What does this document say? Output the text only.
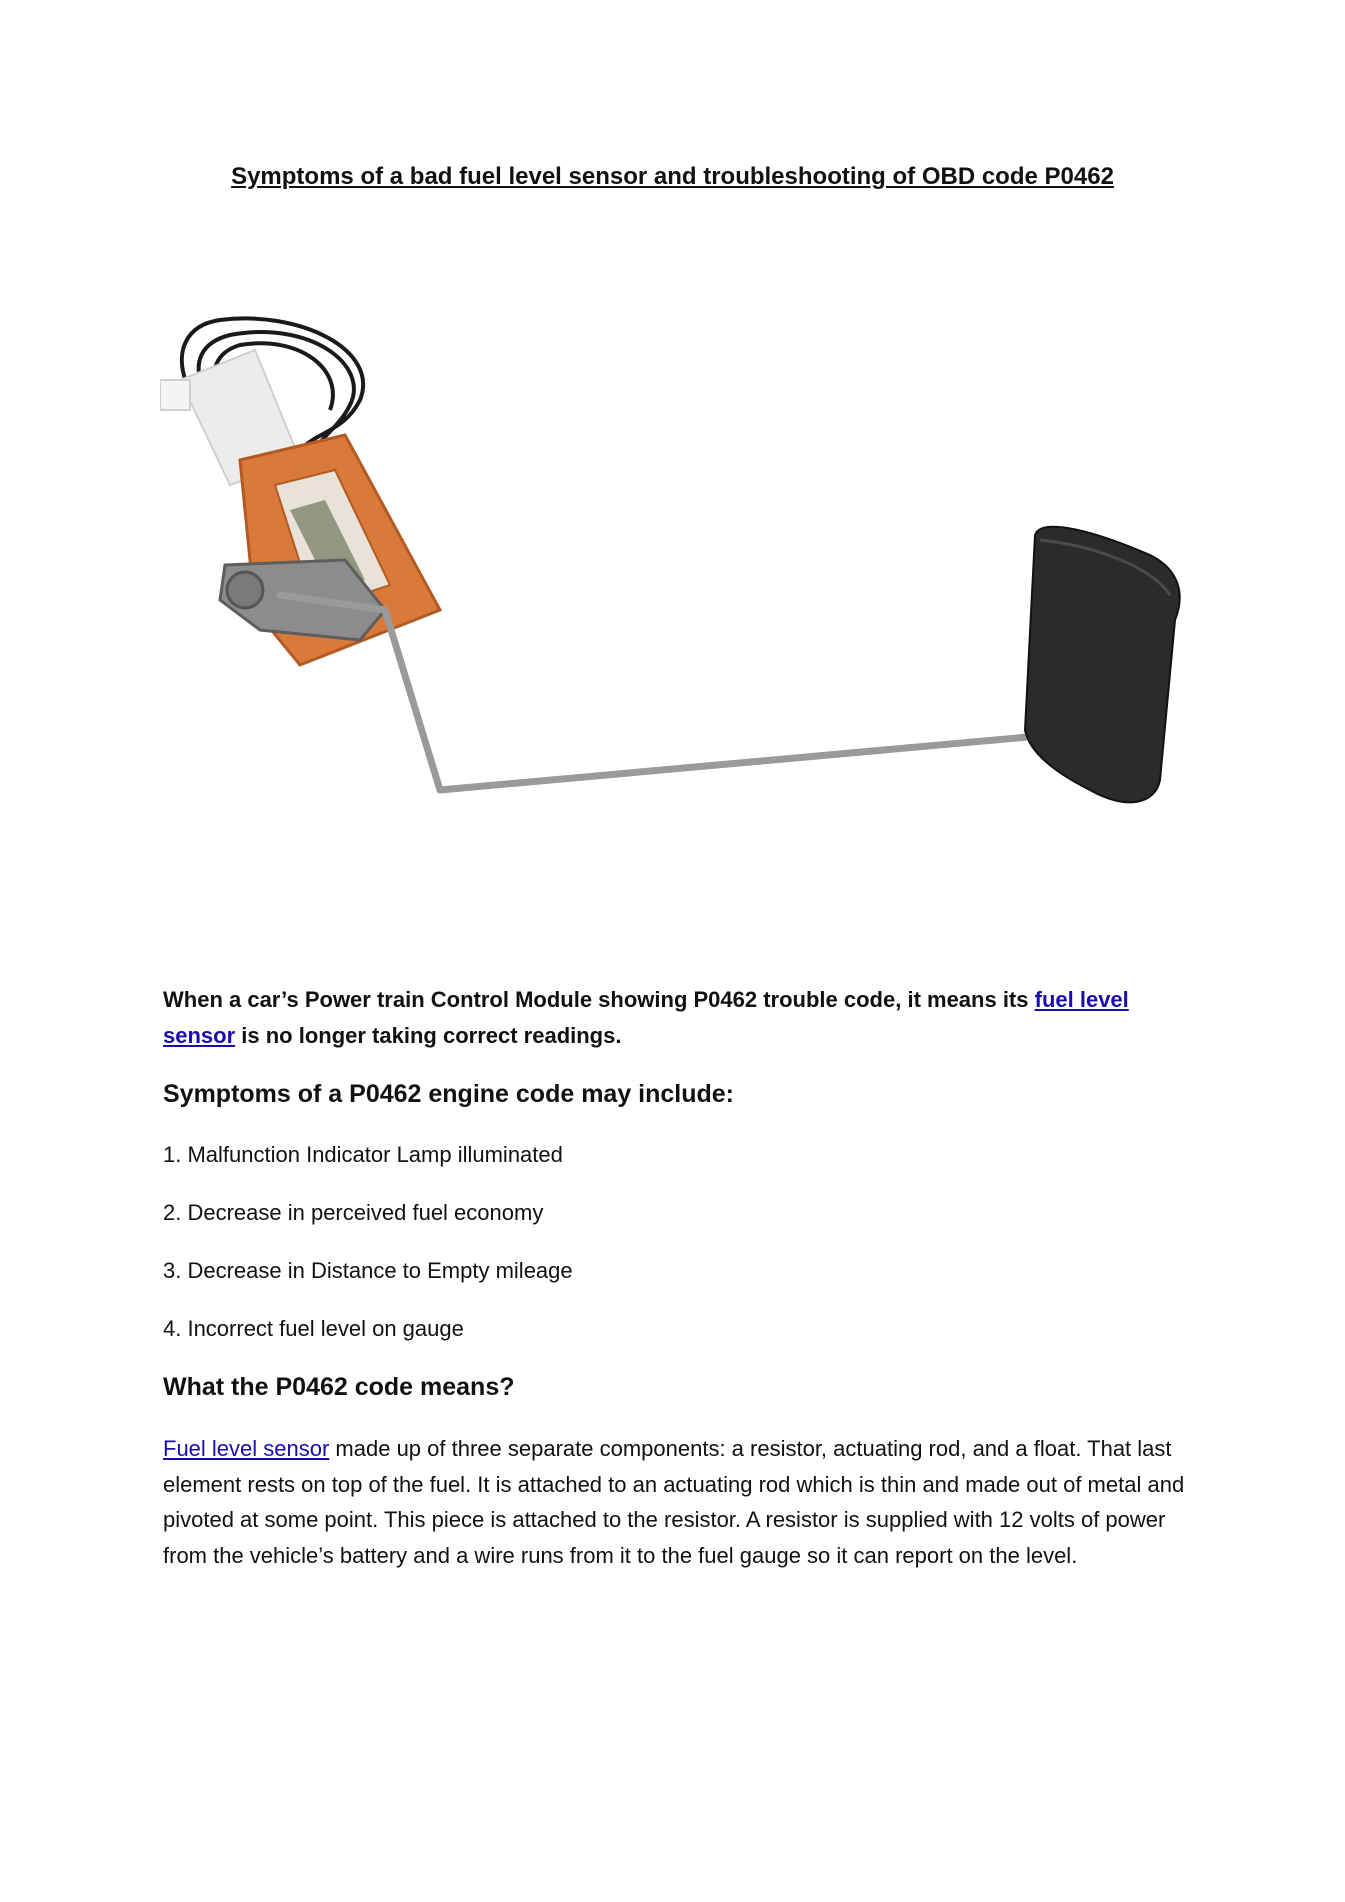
Symptoms of a bad fuel level sensor and troubleshooting of OBD code P0462

When a car’s Power train Control Module showing P0462 trouble code, it means its fuel level sensor is no longer taking correct readings.

Symptoms of a P0462 engine code may include:
1. Malfunction Indicator Lamp illuminated
2. Decrease in perceived fuel economy
3. Decrease in Distance to Empty mileage
4. Incorrect fuel level on gauge
What the P0462 code means?

Fuel level sensor made up of three separate components: a resistor, actuating rod, and a float. That last element rests on top of the fuel. It is attached to an actuating rod which is thin and made out of metal and pivoted at some point. This piece is attached to the resistor. A resistor is supplied with 12 volts of power from the vehicle’s battery and a wire runs from it to the fuel gauge so it can report on the level.
